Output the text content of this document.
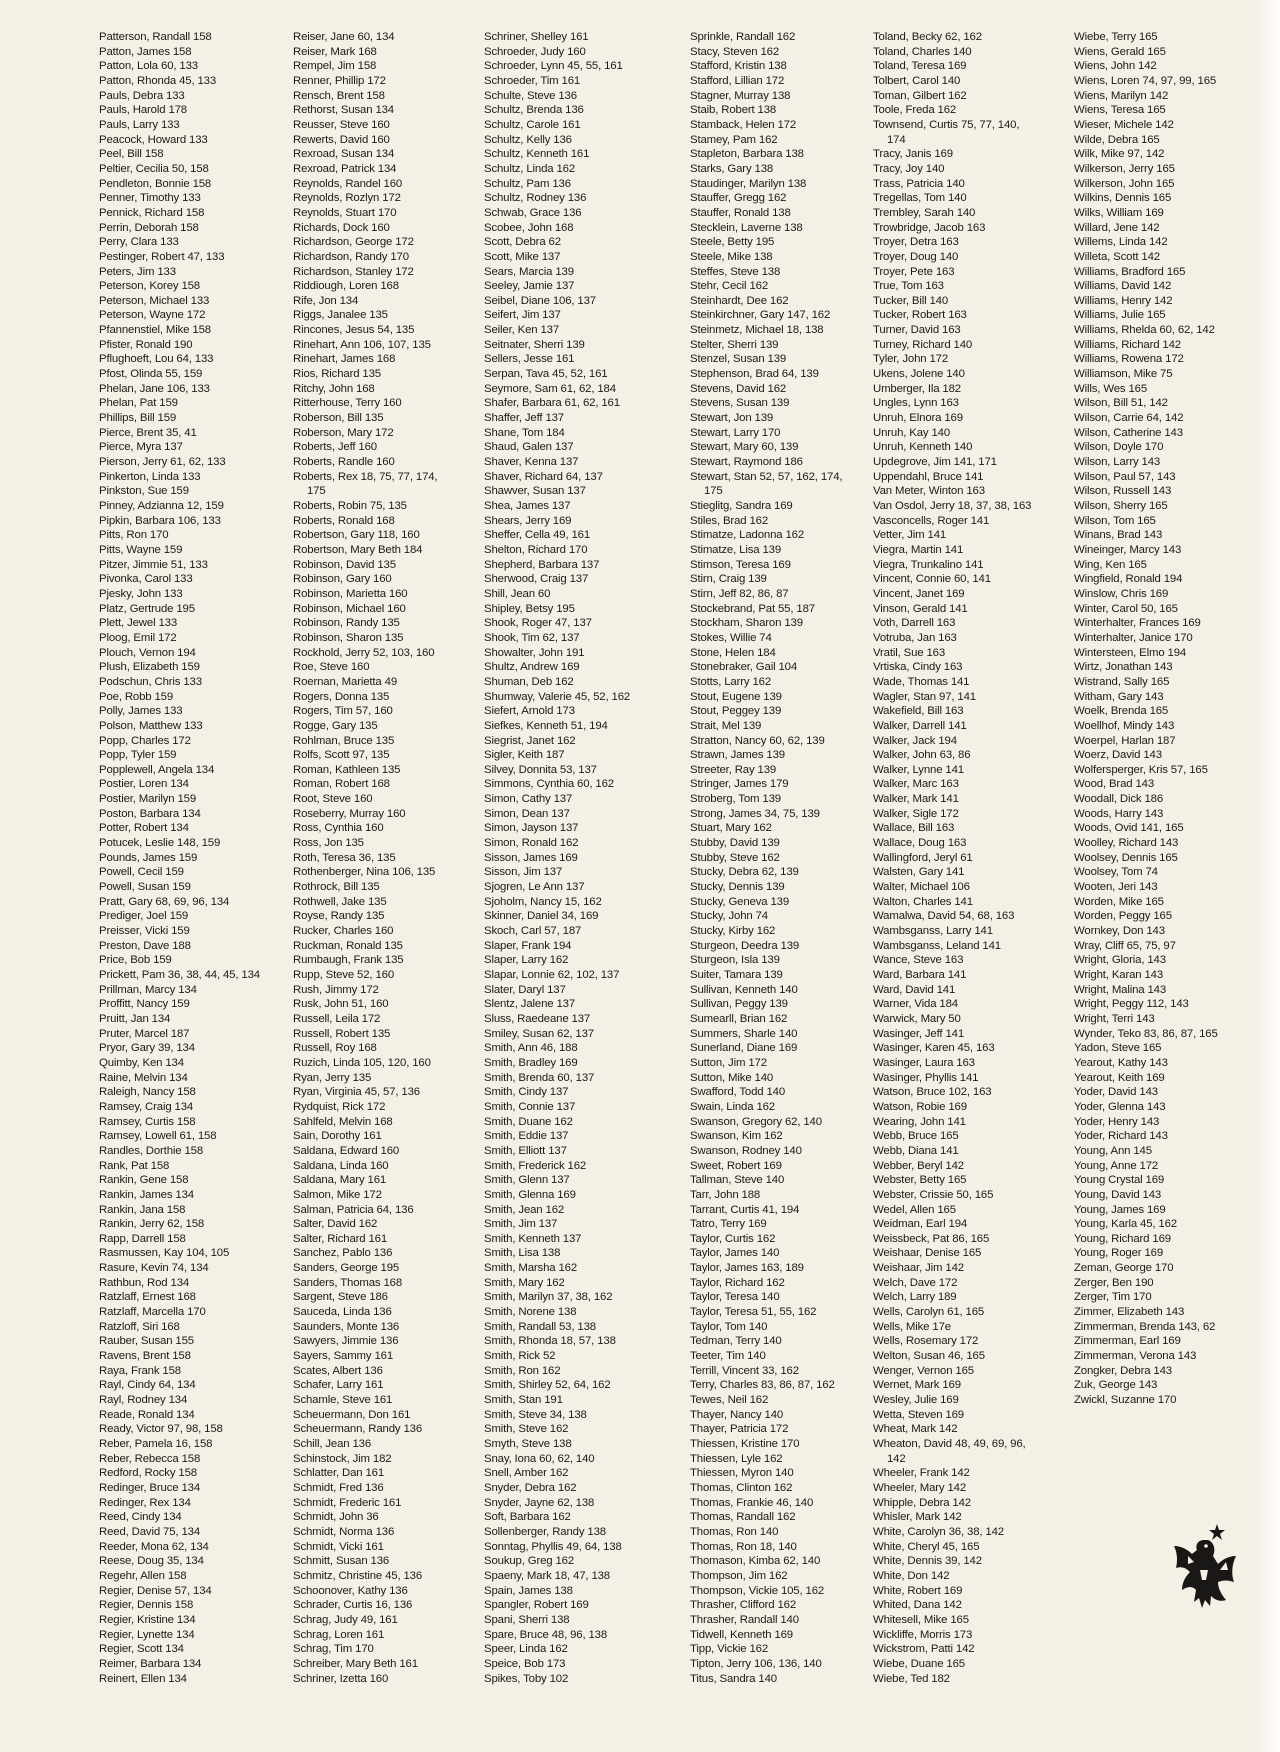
Patterson, Randall 158
Patton, James 158
Patton, Lola 60, 133
Patton, Rhonda 45, 133
Pauls, Debra 133
Pauls, Harold 178
Pauls, Larry 133
Peacock, Howard 133
Peel, Bill 158
Peltier, Cecilia 50, 158
Pendleton, Bonnie 158
Penner, Timothy 133
Pennick, Richard 158
Perrin, Deborah 158
Perry, Clara 133
Pestinger, Robert 47, 133
Peters, Jim 133
Peterson, Korey 158
Peterson, Michael 133
Peterson, Wayne 172
Pfannenstiel, Mike 158
Pfister, Ronald 190
Pflughoeft, Lou 64, 133
Pfost, Olinda 55, 159
Phelan, Jane 106, 133
Phelan, Pat 159
Phillips, Bill 159
Pierce, Brent 35, 41
Pierce, Myra 137
Pierson, Jerry 61, 62, 133
Pinkerton, Linda 133
Pinkston, Sue 159
Pinney, Adzianna 12, 159
Pipkin, Barbara 106, 133
Pitts, Ron 170
Pitts, Wayne 159
Pitzer, Jimmie 51, 133
Pivonka, Carol 133
Pjesky, John 133
Platz, Gertrude 195
Plett, Jewel 133
Ploog, Emil 172
Plouch, Vernon 194
Plush, Elizabeth 159
Podschun, Chris 133
Poe, Robb 159
Polly, James 133
Polson, Matthew 133
Popp, Charles 172
Popp, Tyler 159
Popplewell, Angela 134
Postier, Loren 134
Postier, Marilyn 159
Poston, Barbara 134
Potter, Robert 134
Potucek, Leslie 148, 159
Pounds, James 159
Powell, Cecil 159
Powell, Susan 159
Pratt, Gary 68, 69, 96, 134
Prediger, Joel 159
Preisser, Vicki 159
Preston, Dave 188
Price, Bob 159
Prickett, Pam 36, 38, 44, 45, 134
Prillman, Marcy 134
Proffitt, Nancy 159
Pruitt, Jan 134
Pruter, Marcel 187
Pryor, Gary 39, 134
Quimby, Ken 134
Raine, Melvin 134
Raleigh, Nancy 158
Ramsey, Craig 134
Ramsey, Curtis 158
Ramsey, Lowell 61, 158
Randles, Dorthie 158
Rank, Pat 158
Rankin, Gene 158
Rankin, James 134
Rankin, Jana 158
Rankin, Jerry 62, 158
Rapp, Darrell 158
Rasmussen, Kay 104, 105
Rasure, Kevin 74, 134
Rathbun, Rod 134
Ratzlaff, Ernest 168
Ratzlaff, Marcella 170
Ratzloff, Siri 168
Rauber, Susan 155
Ravens, Brent 158
Raya, Frank 158
Rayl, Cindy 64, 134
Rayl, Rodney 134
Reade, Ronald 134
Ready, Victor 97, 98, 158
Reber, Pamela 16, 158
Reber, Rebecca 158
Redford, Rocky 158
Redinger, Bruce 134
Redinger, Rex 134
Reed, Cindy 134
Reed, David 75, 134
Reeder, Mona 62, 134
Reese, Doug 35, 134
Regehr, Allen 158
Regier, Denise 57, 134
Regier, Dennis 158
Regier, Kristine 134
Regier, Lynette 134
Regier, Scott 134
Reimer, Barbara 134
Reinert, Ellen 134
Reiser, Jane 60, 134
Reiser, Mark 168
Rempel, Jim 158
Renner, Phillip 172
Rensch, Brent 158
Rethorst, Susan 134
Reusser, Steve 160
Rewerts, David 160
Rexroad, Susan 134
Rexroad, Patrick 134
Reynolds, Randel 160
Reynolds, Rozlyn 172
Reynolds, Stuart 170
Richards, Dock 160
Richardson, George 172
Richardson, Randy 170
Richardson, Stanley 172
Riddiough, Loren 168
Rife, Jon 134
Riggs, Janalee 135
Rincones, Jesus 54, 135
Rinehart, Ann 106, 107, 135
Rinehart, James 168
Rios, Richard 135
Ritchy, John 168
Ritterhouse, Terry 160
Roberson, Bill 135
Roberson, Mary 172
Roberts, Jeff 160
Roberts, Randle 160
Roberts, Rex 18, 75, 77, 174,
175
Roberts, Robin 75, 135
Roberts, Ronald 168
Robertson, Gary 118, 160
Robertson, Mary Beth 184
Robinson, David 135
Robinson, Gary 160
Robinson, Marietta 160
Robinson, Michael 160
Robinson, Randy 135
Robinson, Sharon 135
Rockhold, Jerry 52, 103, 160
Roe, Steve 160
Roernan, Marietta 49
Rogers, Donna 135
Rogers, Tim 57, 160
Rogge, Gary 135
Rohlman, Bruce 135
Rolfs, Scott 97, 135
Roman, Kathleen 135
Roman, Robert 168
Root, Steve 160
Roseberry, Murray 160
Ross, Cynthia 160
Ross, Jon 135
Roth, Teresa 36, 135
Rothenberger, Nina 106, 135
Rothrock, Bill 135
Rothwell, Jake 135
Royse, Randy 135
Rucker, Charles 160
Ruckman, Ronald 135
Rumbaugh, Frank 135
Rupp, Steve 52, 160
Rush, Jimmy 172
Rusk, John 51, 160
Russell, Leila 172
Russell, Robert 135
Russell, Roy 168
Ruzich, Linda 105, 120, 160
Ryan, Jerry 135
Ryan, Virginia 45, 57, 136
Rydquist, Rick 172
Sahlfeld, Melvin 168
Sain, Dorothy 161
Saldana, Edward 160
Saldana, Linda 160
Saldana, Mary 161
Salmon, Mike 172
Salman, Patricia 64, 136
Salter, David 162
Salter, Richard 161
Sanchez, Pablo 136
Sanders, George 195
Sanders, Thomas 168
Sargent, Steve 186
Sauceda, Linda 136
Saunders, Monte 136
Sawyers, Jimmie 136
Sayers, Sammy 161
Scates, Albert 136
Schafer, Larry 161
Schamle, Steve 161
Scheuermann, Don 161
Scheuermann, Randy 136
Schill, Jean 136
Schinstock, Jim 182
Schlatter, Dan 161
Schmidt, Fred 136
Schmidt, Frederic 161
Schmidt, John 36
Schmidt, Norma 136
Schmidt, Vicki 161
Schmitt, Susan 136
Schmitz, Christine 45, 136
Schoonover, Kathy 136
Schrader, Curtis 16, 136
Schrag, Judy 49, 161
Schrag, Loren 161
Schrag, Tim 170
Schreiber, Mary Beth 161
Schriner, Izetta 160
Schriner, Shelley 161
Schroeder, Judy 160
Schroeder, Lynn 45, 55, 161
Schroeder, Tim 161
Schulte, Steve 136
Schultz, Brenda 136
Schultz, Carole 161
Schultz, Kelly 136
Schultz, Kenneth 161
Schultz, Linda 162
Schultz, Pam 136
Schultz, Rodney 136
Schwab, Grace 136
Scobee, John 168
Scott, Debra 62
Scott, Mike 137
Sears, Marcia 139
Seeley, Jamie 137
Seibel, Diane 106, 137
Seifert, Jim 137
Seiler, Ken 137
Seitnater, Sherri 139
Sellers, Jesse 161
Serpan, Tava 45, 52, 161
Seymore, Sam 61, 62, 184
Shafer, Barbara 61, 62, 161
Shaffer, Jeff 137
Shane, Tom 184
Shaud, Galen 137
Shaver, Kenna 137
Shaver, Richard 64, 137
Shawver, Susan 137
Shea, James 137
Shears, Jerry 169
Sheffer, Cella 49, 161
Shelton, Richard 170
Shepherd, Barbara 137
Sherwood, Craig 137
Shill, Jean 60
Shipley, Betsy 195
Shook, Roger 47, 137
Shook, Tim 62, 137
Showalter, John 191
Shultz, Andrew 169
Shuman, Deb 162
Shumway, Valerie 45, 52, 162
Siefert, Arnold 173
Siefkes, Kenneth 51, 194
Siegrist, Janet 162
Sigler, Keith 187
Silvey, Donnita 53, 137
Simmons, Cynthia 60, 162
Simon, Cathy 137
Simon, Dean 137
Simon, Jayson 137
Simon, Ronald 162
Sisson, James 169
Sisson, Jim 137
Sjogren, Le Ann 137
Sjoholm, Nancy 15, 162
Skinner, Daniel 34, 169
Skoch, Carl 57, 187
Slaper, Frank 194
Slaper, Larry 162
Slapar, Lonnie 62, 102, 137
Slater, Daryl 137
Slentz, Jalene 137
Sluss, Raedeane 137
Smiley, Susan 62, 137
Smith, Ann 46, 188
Smith, Bradley 169
Smith, Brenda 60, 137
Smith, Cindy 137
Smith, Connie 137
Smith, Duane 162
Smith, Eddie 137
Smith, Elliott 137
Smith, Frederick 162
Smith, Glenn 137
Smith, Glenna 169
Smith, Jean 162
Smith, Jim 137
Smith, Kenneth 137
Smith, Lisa 138
Smith, Marsha 162
Smith, Mary 162
Smith, Marilyn 37, 38, 162
Smith, Norene 138
Smith, Randall 53, 138
Smith, Rhonda 18, 57, 138
Smith, Rick 52
Smith, Ron 162
Smith, Shirley 52, 64, 162
Smith, Stan 191
Smith, Steve 34, 138
Smith, Steve 162
Smyth, Steve 138
Snay, Iona 60, 62, 140
Snell, Amber 162
Snyder, Debra 162
Snyder, Jayne 62, 138
Soft, Barbara 162
Sollenberger, Randy 138
Sonntag, Phyllis 49, 64, 138
Soukup, Greg 162
Spaeny, Mark 18, 47, 138
Spain, James 138
Spangler, Robert 169
Spani, Sherri 138
Spare, Bruce 48, 96, 138
Speer, Linda 162
Speice, Bob 173
Spikes, Toby 102
Sprinkle, Randall 162
Stacy, Steven 162
Stafford, Kristin 138
Stafford, Lillian 172
Stagner, Murray 138
Staib, Robert 138
Stamback, Helen 172
Stamey, Pam 162
Stapleton, Barbara 138
Starks, Gary 138
Staudinger, Marilyn 138
Stauffer, Gregg 162
Stauffer, Ronald 138
Stecklein, Laverne 138
Steele, Betty 195
Steele, Mike 138
Steffes, Steve 138
Stehr, Cecil 162
Steinhardt, Dee 162
Steinkirchner, Gary 147, 162
Steinmetz, Michael 18, 138
Stelter, Sherri 139
Stenzel, Susan 139
Stephenson, Brad 64, 139
Stevens, David 162
Stevens, Susan 139
Stewart, Jon 139
Stewart, Larry 170
Stewart, Mary 60, 139
Stewart, Raymond 186
Stewart, Stan 52, 57, 162, 174,
175
Stieglitg, Sandra 169
Stiles, Brad 162
Stimatze, Ladonna 162
Stimatze, Lisa 139
Stimson, Teresa 169
Stirn, Craig 139
Stirn, Jeff 82, 86, 87
Stockebrand, Pat 55, 187
Stockham, Sharon 139
Stokes, Willie 74
Stone, Helen 184
Stonebraker, Gail 104
Stotts, Larry 162
Stout, Eugene 139
Stout, Peggey 139
Strait, Mel 139
Stratton, Nancy 60, 62, 139
Strawn, James 139
Streeter, Ray 139
Stringer, James 179
Stroberg, Tom 139
Strong, James 34, 75, 139
Stuart, Mary 162
Stubby, David 139
Stubby, Steve 162
Stucky, Debra 62, 139
Stucky, Dennis 139
Stucky, Geneva 139
Stucky, John 74
Stucky, Kirby 162
Sturgeon, Deedra 139
Sturgeon, Isla 139
Suiter, Tamara 139
Sullivan, Kenneth 140
Sullivan, Peggy 139
Sumearll, Brian 162
Summers, Sharle 140
Sunerland, Diane 169
Sutton, Jim 172
Sutton, Mike 140
Swafford, Todd 140
Swain, Linda 162
Swanson, Gregory 62, 140
Swanson, Kim 162
Swanson, Rodney 140
Sweet, Robert 169
Tallman, Steve 140
Tarr, John 188
Tarrant, Curtis 41, 194
Tatro, Terry 169
Taylor, Curtis 162
Taylor, James 140
Taylor, James 163, 189
Taylor, Richard 162
Taylor, Teresa 140
Taylor, Teresa 51, 55, 162
Taylor, Tom 140
Tedman, Terry 140
Teeter, Tim 140
Terrill, Vincent 33, 162
Terry, Charles 83, 86, 87, 162
Tewes, Neil 162
Thayer, Nancy 140
Thayer, Patricia 172
Thiessen, Kristine 170
Thiessen, Lyle 162
Thiessen, Myron 140
Thomas, Clinton 162
Thomas, Frankie 46, 140
Thomas, Randall 162
Thomas, Ron 140
Thomas, Ron 18, 140
Thomason, Kimba 62, 140
Thompson, Jim 162
Thompson, Vickie 105, 162
Thrasher, Clifford 162
Thrasher, Randall 140
Tidwell, Kenneth 169
Tipp, Vickie 162
Tipton, Jerry 106, 136, 140
Titus, Sandra 140
Toland, Becky 62, 162
Toland, Charles 140
Toland, Teresa 169
Tolbert, Carol 140
Toman, Gilbert 162
Toole, Freda 162
Townsend, Curtis 75, 77, 140,
174
Tracy, Janis 169
Tracy, Joy 140
Trass, Patricia 140
Tregellas, Tom 140
Trembley, Sarah 140
Trowbridge, Jacob 163
Troyer, Detra 163
Troyer, Doug 140
Troyer, Pete 163
True, Tom 163
Tucker, Bill 140
Tucker, Robert 163
Turner, David 163
Turney, Richard 140
Tyler, John 172
Ukens, Jolene 140
Umberger, Ila 182
Ungles, Lynn 163
Unruh, Elnora 169
Unruh, Kay 140
Unruh, Kenneth 140
Updegrove, Jim 141, 171
Uppendahl, Bruce 141
Van Meter, Winton 163
Van Osdol, Jerry 18, 37, 38, 163
Vasconcells, Roger 141
Vetter, Jim 141
Viegra, Martin 141
Viegra, Trunkalino 141
Vincent, Connie 60, 141
Vincent, Janet 169
Vinson, Gerald 141
Voth, Darrell 163
Votruba, Jan 163
Vratil, Sue 163
Vrtiska, Cindy 163
Wade, Thomas 141
Wagler, Stan 97, 141
Wakefield, Bill 163
Walker, Darrell 141
Walker, Jack 194
Walker, John 63, 86
Walker, Lynne 141
Walker, Marc 163
Walker, Mark 141
Walker, Sigle 172
Wallace, Bill 163
Wallace, Doug 163
Wallingford, Jeryl 61
Walsten, Gary 141
Walter, Michael 106
Walton, Charles 141
Wamalwa, David 54, 68, 163
Wambsganss, Larry 141
Wambsganss, Leland 141
Wance, Steve 163
Ward, Barbara 141
Ward, David 141
Warner, Vida 184
Warwick, Mary 50
Wasinger, Jeff 141
Wasinger, Karen 45, 163
Wasinger, Laura 163
Wasinger, Phyllis 141
Watson, Bruce 102, 163
Watson, Robie 169
Wearing, John 141
Webb, Bruce 165
Webb, Diana 141
Webber, Beryl 142
Webster, Betty 165
Webster, Crissie 50, 165
Wedel, Allen 165
Weidman, Earl 194
Weissbeck, Pat 86, 165
Weishaar, Denise 165
Weishaar, Jim 142
Welch, Dave 172
Welch, Larry 189
Wells, Carolyn 61, 165
Wells, Mike 17e
Wells, Rosemary 172
Welton, Susan 46, 165
Wenger, Vernon 165
Wernet, Mark 169
Wesley, Julie 169
Wetta, Steven 169
Wheat, Mark 142
Wheaton, David 48, 49, 69, 96,
142
Wheeler, Frank 142
Wheeler, Mary 142
Whipple, Debra 142
Whisler, Mark 142
White, Carolyn 36, 38, 142
White, Cheryl 45, 165
White, Dennis 39, 142
White, Don 142
White, Robert 169
Whited, Dana 142
Whitesell, Mike 165
Wickliffe, Morris 173
Wickstrom, Patti 142
Wiebe, Duane 165
Wiebe, Ted 182
Wiebe, Terry 165
Wiens, Gerald 165
Wiens, John 142
Wiens, Loren 74, 97, 99, 165
Wiens, Marilyn 142
Wiens, Teresa 165
Wieser, Michele 142
Wilde, Debra 165
Wilk, Mike 97, 142
Wilkerson, Jerry 165
Wilkerson, John 165
Wilkins, Dennis 165
Wilks, William 169
Willard, Jene 142
Willems, Linda 142
Willeta, Scott 142
Williams, Bradford 165
Williams, David 142
Williams, Henry 142
Williams, Julie 165
Williams, Rhelda 60, 62, 142
Williams, Richard 142
Williams, Rowena 172
Williamson, Mike 75
Wills, Wes 165
Wilson, Bill 51, 142
Wilson, Carrie 64, 142
Wilson, Catherine 143
Wilson, Doyle 170
Wilson, Larry 143
Wilson, Paul 57, 143
Wilson, Russell 143
Wilson, Sherry 165
Wilson, Tom 165
Winans, Brad 143
Wineinger, Marcy 143
Wing, Ken 165
Wingfield, Ronald 194
Winslow, Chris 169
Winter, Carol 50, 165
Winterhalter, Frances 169
Winterhalter, Janice 170
Wintersteen, Elmo 194
Wirtz, Jonathan 143
Wistrand, Sally 165
Witham, Gary 143
Woelk, Brenda 165
Woellhof, Mindy 143
Woerpel, Harlan 187
Woerz, David 143
Wolfersperger, Kris 57, 165
Wood, Brad 143
Woodall, Dick 186
Woods, Harry 143
Woods, Ovid 141, 165
Woolley, Richard 143
Woolsey, Dennis 165
Woolsey, Tom 74
Wooten, Jeri 143
Worden, Mike 165
Worden, Peggy 165
Wornkey, Don 143
Wray, Cliff 65, 75, 97
Wright, Gloria, 143
Wright, Karan 143
Wright, Malina 143
Wright, Peggy 112, 143
Wright, Terri 143
Wynder, Teko 83, 86, 87, 165
Yadon, Steve 165
Yearout, Kathy 143
Yearout, Keith 169
Yoder, David 143
Yoder, Glenna 143
Yoder, Henry 143
Yoder, Richard 143
Young, Ann 145
Young, Anne 172
Young Crystal 169
Young, David 143
Young, James 169
Young, Karla 45, 162
Young, Richard 169
Young, Roger 169
Zeman, George 170
Zerger, Ben 190
Zerger, Tim 170
Zimmer, Elizabeth 143
Zimmerman, Brenda 143, 62
Zimmerman, Earl 169
Zimmerman, Verona 143
Zongker, Debra 143
Zuk, George 143
Zwickl, Suzanne 170
